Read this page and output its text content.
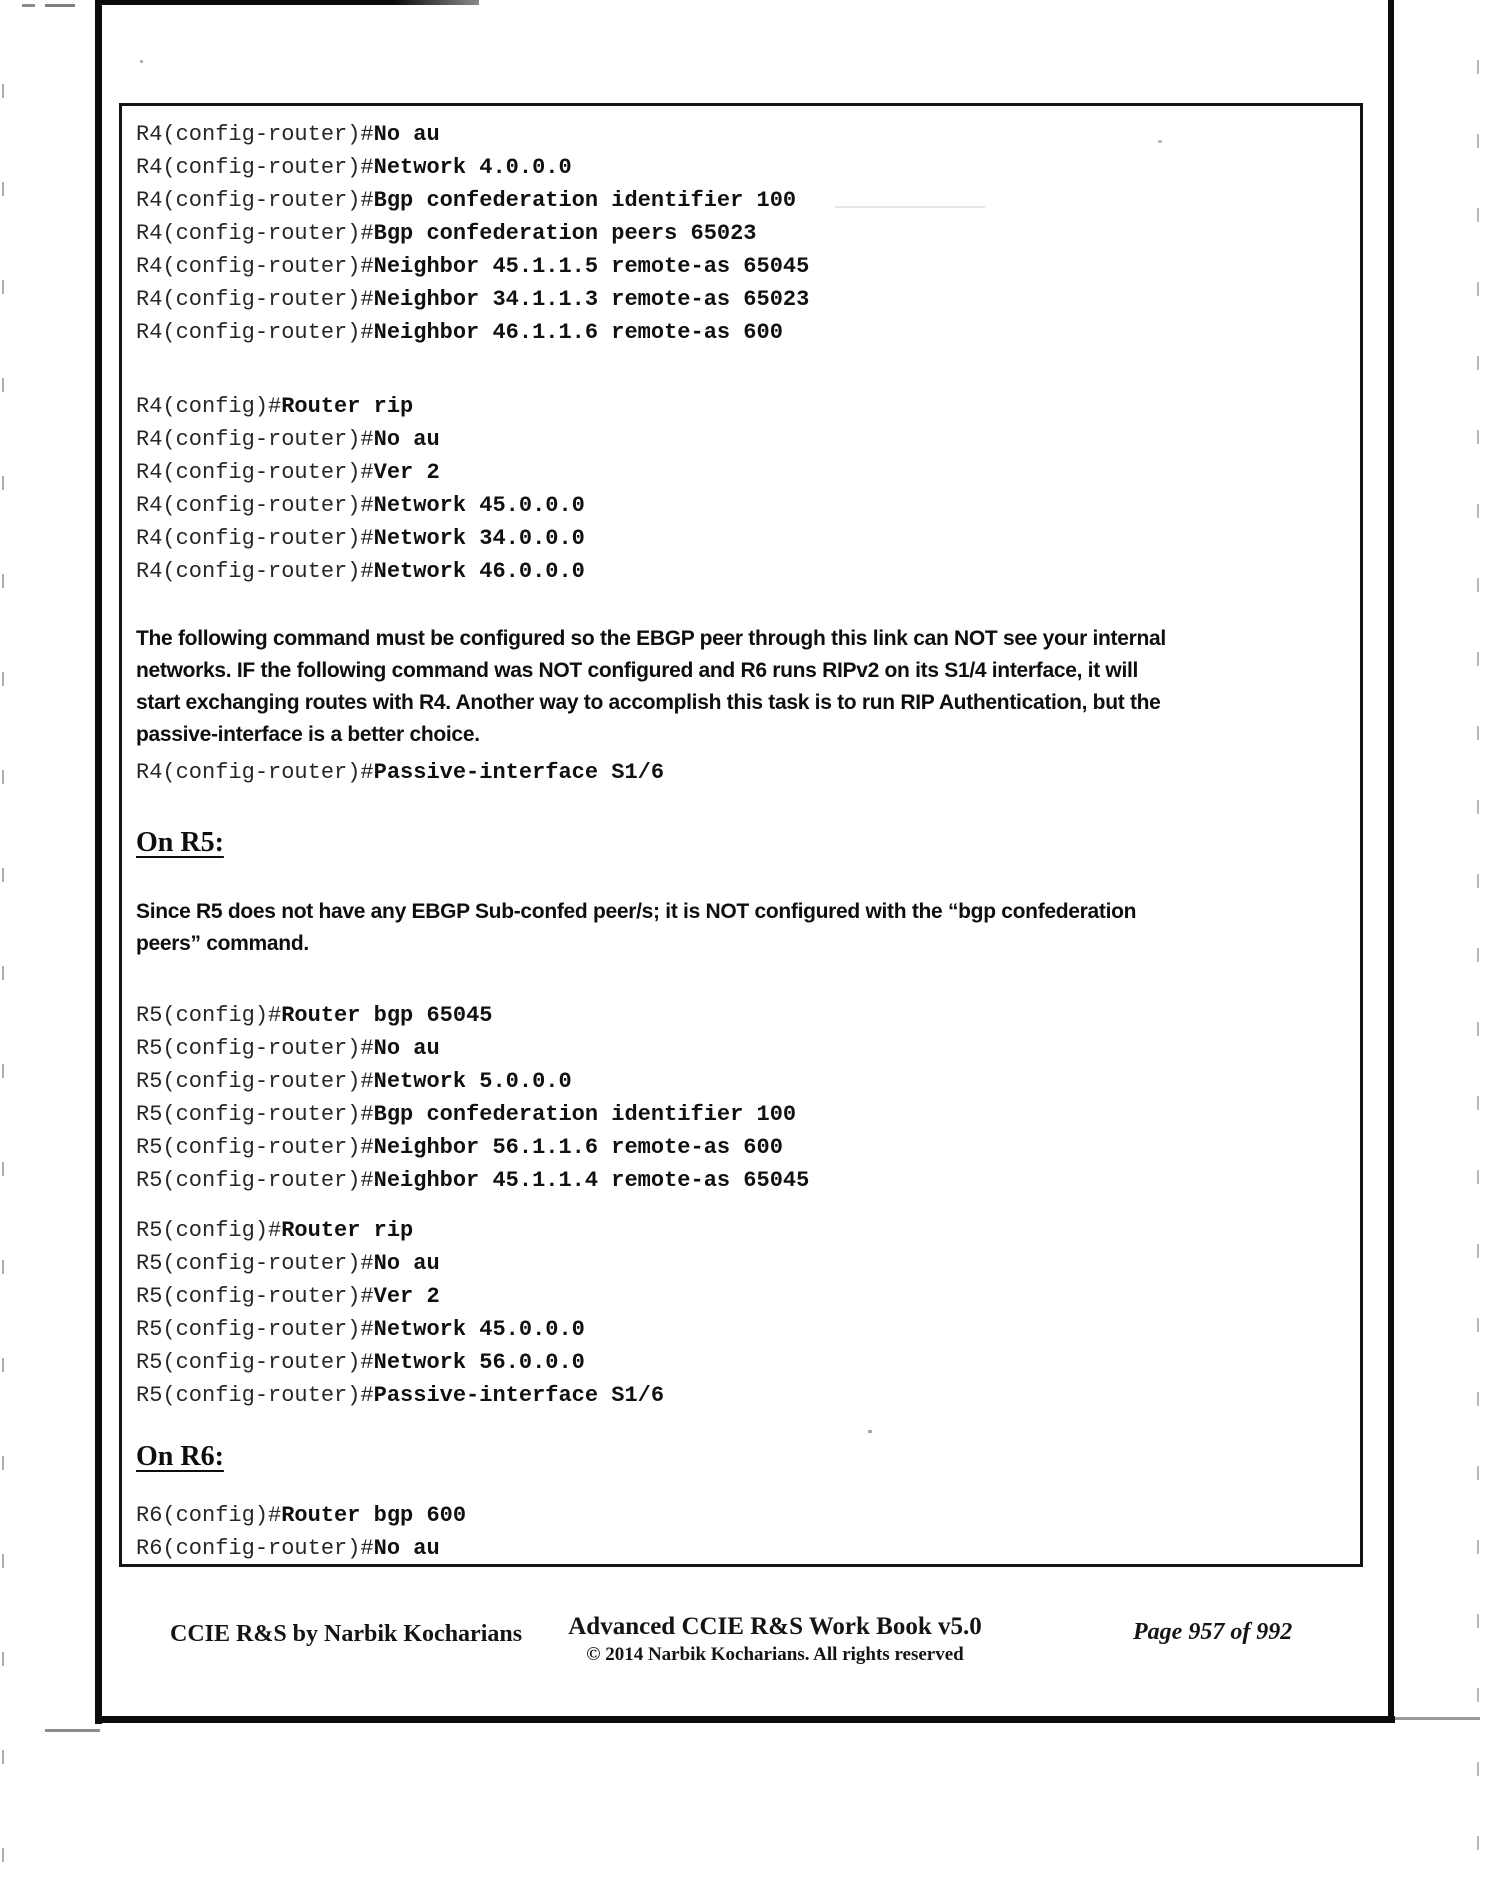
R4(config-router)#No au
R4(config-router)#Network 4.0.0.0
R4(config-router)#Bgp confederation identifier 100
R4(config-router)#Bgp confederation peers 65023
R4(config-router)#Neighbor 45.1.1.5 remote-as 65045
R4(config-router)#Neighbor 34.1.1.3 remote-as 65023
R4(config-router)#Neighbor 46.1.1.6 remote-as 600
R4(config)#Router rip
R4(config-router)#No au
R4(config-router)#Ver 2
R4(config-router)#Network 45.0.0.0
R4(config-router)#Network 34.0.0.0
R4(config-router)#Network 46.0.0.0
The following command must be configured so the EBGP peer through this link can NOT see your internal
networks. IF the following command was NOT configured and R6 runs RIPv2 on its S1/4 interface, it will
start exchanging routes with R4. Another way to accomplish this task is to run RIP Authentication, but the
passive-interface is a better choice.
R4(config-router)#Passive-interface S1/6
On R5:
Since R5 does not have any EBGP Sub-confed peer/s; it is NOT configured with the “bgp confederation
peers” command.
R5(config)#Router bgp 65045
R5(config-router)#No au
R5(config-router)#Network 5.0.0.0
R5(config-router)#Bgp confederation identifier 100
R5(config-router)#Neighbor 56.1.1.6 remote-as 600
R5(config-router)#Neighbor 45.1.1.4 remote-as 65045
R5(config)#Router rip
R5(config-router)#No au
R5(config-router)#Ver 2
R5(config-router)#Network 45.0.0.0
R5(config-router)#Network 56.0.0.0
R5(config-router)#Passive-interface S1/6
On R6:
R6(config)#Router bgp 600
R6(config-router)#No au
CCIE R&S by Narbik Kocharians Advanced CCIE R&S Work Book v5.0
© 2014 Narbik Kocharians. All rights reserved
Page 957 of 992
